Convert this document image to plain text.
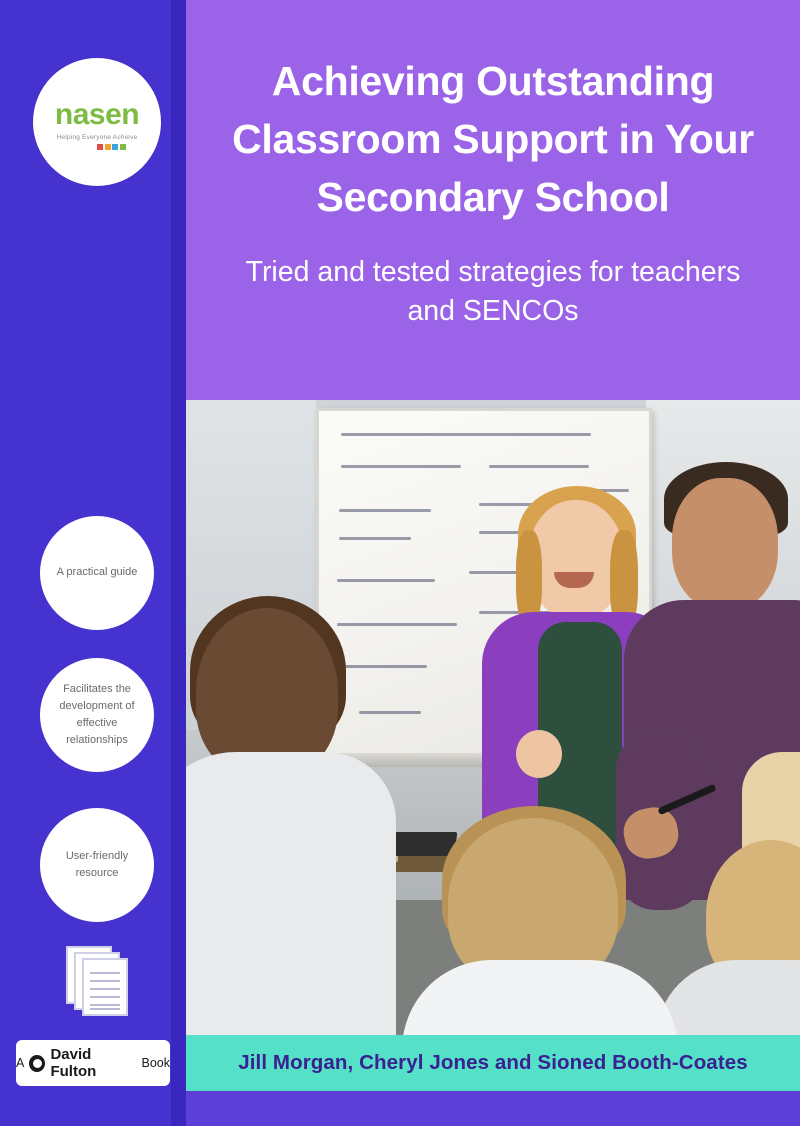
nasen
Helping Everyone Achieve
Achieving Outstanding Classroom Support in Your Secondary School

Tried and tested strategies for teachers and SENCOs

A practical guide
Facilitates the development of effective relationships
User-friendly resource
Jill Morgan, Cheryl Jones and Sioned Booth-Coates
A David Fulton	Book
